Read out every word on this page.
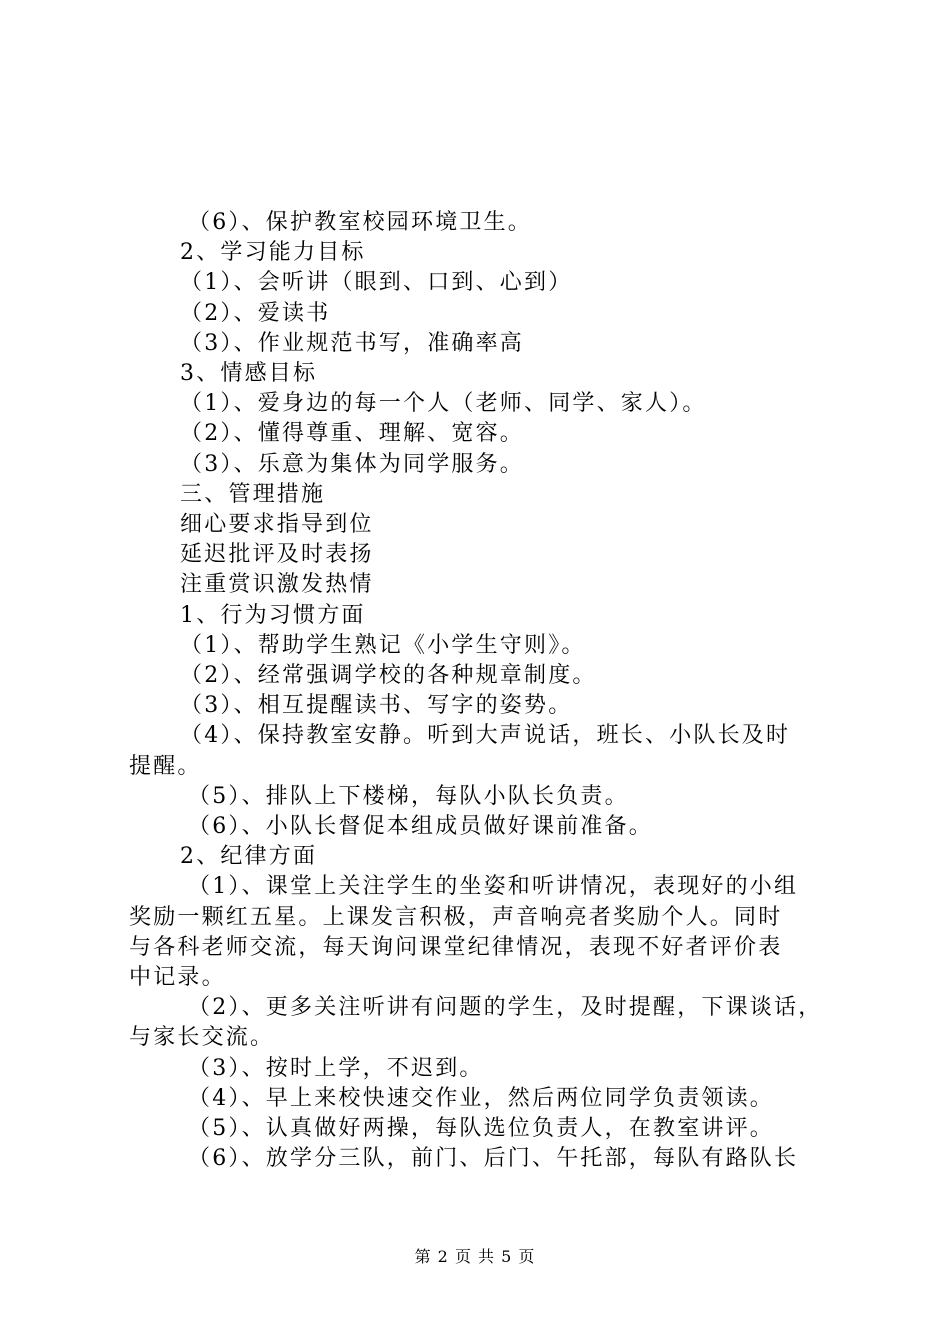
（6）、保护教室校园环境卫生。
2、学习能力目标
（1）、会听讲（眼到、口到、心到）
（2）、爱读书
（3）、作业规范书写，准确率高
3、情感目标
（1）、爱身边的每一个人（老师、同学、家人）。
（2）、懂得尊重、理解、宽容。
（3）、乐意为集体为同学服务。
三、管理措施
细心要求指导到位
延迟批评及时表扬
注重赏识激发热情
1、行为习惯方面
（1）、帮助学生熟记《小学生守则》。
（2）、经常强调学校的各种规章制度。
（3）、相互提醒读书、写字的姿势。
（4）、保持教室安静。听到大声说话，班长、小队长及时
提醒。
（5）、排队上下楼梯，每队小队长负责。
（6）、小队长督促本组成员做好课前准备。
2、纪律方面
（1）、课堂上关注学生的坐姿和听讲情况，表现好的小组
奖励一颗红五星。上课发言积极，声音响亮者奖励个人。同时
与各科老师交流，每天询问课堂纪律情况，表现不好者评价表
中记录。
（2）、更多关注听讲有问题的学生，及时提醒，下课谈话，
与家长交流。
（3）、按时上学，不迟到。
（4）、早上来校快速交作业，然后两位同学负责领读。
（5）、认真做好两操，每队选位负责人，在教室讲评。
（6）、放学分三队，前门、后门、午托部，每队有路队长
第 2 页 共 5 页
